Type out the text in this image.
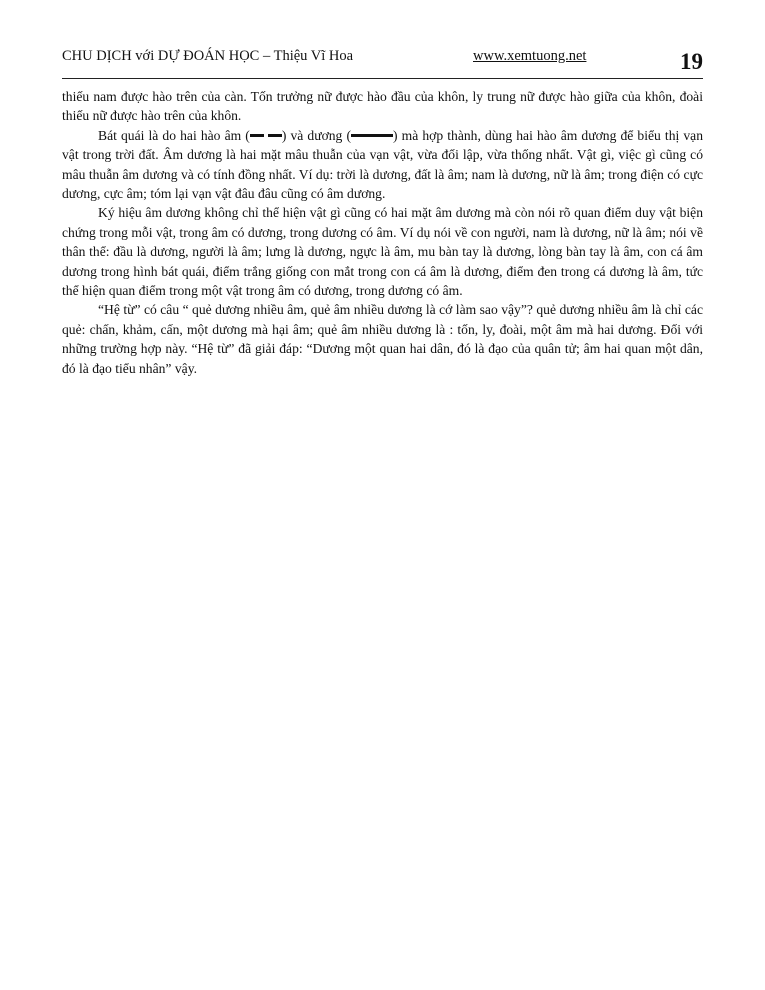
CHU DỊCH với DỰ ĐOÁN HỌC – Thiệu Vĩ Hoa	www.xemtuong.net	19

thiếu nam được hào trên của càn. Tốn trưởng nữ được hào đầu của khôn, ly trung nữ được hào giữa của khôn, đoài thiếu nữ được hào trên của khôn.

Bát quái là do hai hào âm ( ) và dương (	) mà hợp thành, dùng hai hào âm dương để biểu thị vạn vật trong trời đất. Âm dương là hai mặt mâu thuẫn của vạn vật, vừa đối lập, vừa thống nhất. Vật gì, việc gì cũng có mâu thuẫn âm dương và có tính đồng nhất. Ví dụ: trời là dương, đất là âm; nam là dương, nữ là âm; trong điện có cực dương, cực âm; tóm lại vạn vật đâu đâu cũng có âm dương.

Ký hiệu âm dương không chỉ thể hiện vật gì cũng có hai mặt âm dương mà còn nói rõ quan điểm duy vật biện chứng trong mỗi vật, trong âm có dương, trong dương có âm. Ví dụ nói về con người, nam là dương, nữ là âm; nói về thân thể: đầu là dương, người là âm; lưng là dương, ngực là âm, mu bàn tay là dương, lòng bàn tay là âm, con cá âm dương trong hình bát quái, điểm trắng giống con mắt trong con cá âm là dương, điểm đen trong cá dương là âm, tức thể hiện quan điểm trong một vật trong âm có dương, trong dương có âm.

“Hệ từ” có câu “ quẻ dương nhiều âm, quẻ âm nhiều dương là cớ làm sao vậy”? quẻ dương nhiều âm là chỉ các quẻ: chấn, khảm, cấn, một dương mà hại âm; quẻ âm nhiều dương là : tốn, ly, đoài, một âm mà hai dương. Đối với những trường hợp này. “Hệ từ” đã giải đáp: “Dương một quan hai dân, đó là đạo của quân tử; âm hai quan một dân, đó là đạo tiểu nhân” vậy.
